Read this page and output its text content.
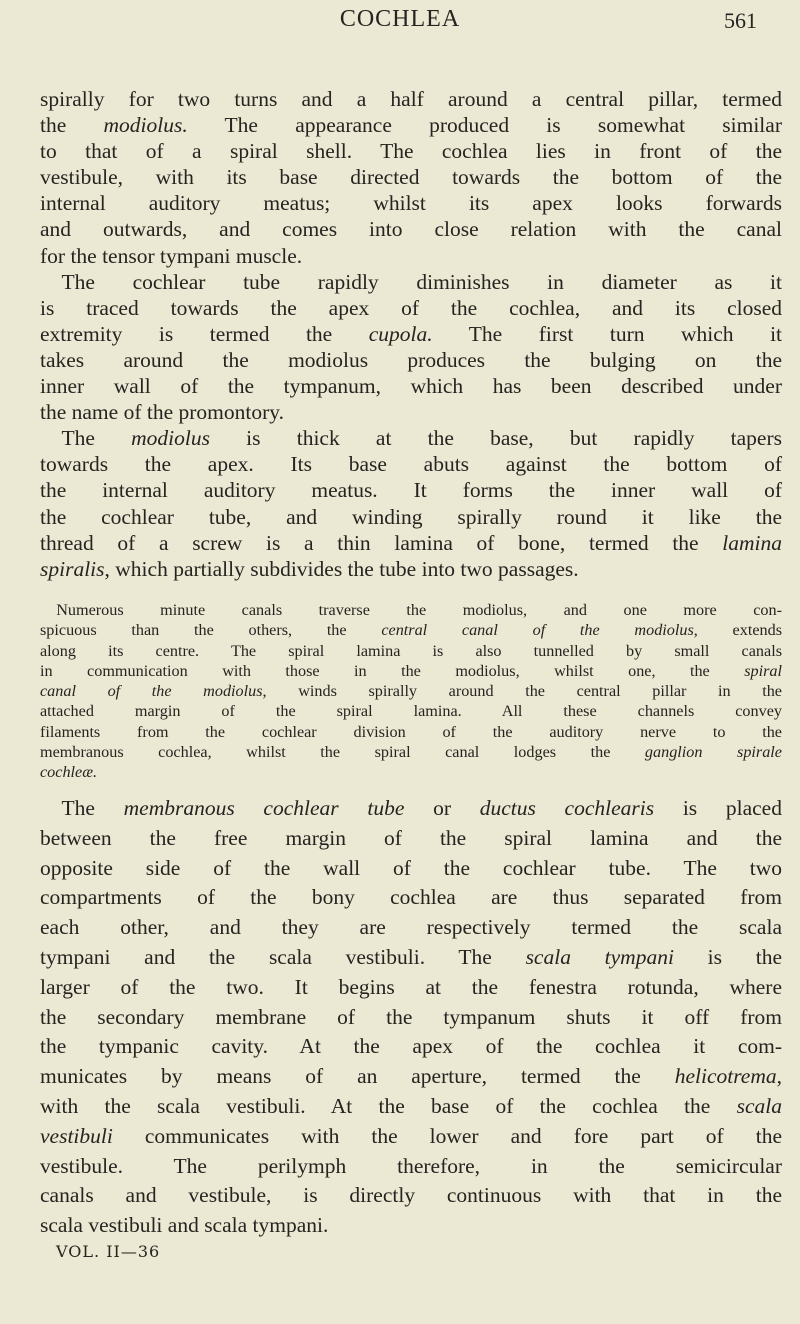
COCHLEA	561
spirally for two turns and a half around a central pillar, termed
the modiolus. The appearance produced is somewhat similar
to that of a spiral shell. The cochlea lies in front of the
vestibule, with its base directed towards the bottom of the
internal auditory meatus; whilst its apex looks forwards
and outwards, and comes into close relation with the canal
for the tensor tympani muscle.
 The cochlear tube rapidly diminishes in diameter as it
is traced towards the apex of the cochlea, and its closed
extremity is termed the cupola. The first turn which it
takes around the modiolus produces the bulging on the
inner wall of the tympanum, which has been described under
the name of the promontory.
 The modiolus is thick at the base, but rapidly tapers
towards the apex. Its base abuts against the bottom of
the internal auditory meatus. It forms the inner wall of
the cochlear tube, and winding spirally round it like the
thread of a screw is a thin lamina of bone, termed the lamina
spiralis, which partially subdivides the tube into two passages.
 Numerous minute canals traverse the modiolus, and one more con-
spicuous than the others, the central canal of the modiolus, extends
along its centre. The spiral lamina is also tunnelled by small canals
in communication with those in the modiolus, whilst one, the spiral
canal of the modiolus, winds spirally around the central pillar in the
attached margin of the spiral lamina. All these channels convey
filaments from the cochlear division of the auditory nerve to the
membranous cochlea, whilst the spiral canal lodges the ganglion spirale
cochleæ.
 The membranous cochlear tube or ductus cochlearis is placed
between the free margin of the spiral lamina and the
opposite side of the wall of the cochlear tube. The two
compartments of the bony cochlea are thus separated from
each other, and they are respectively termed the scala
tympani and the scala vestibuli. The scala tympani is the
larger of the two. It begins at the fenestra rotunda, where
the secondary membrane of the tympanum shuts it off from
the tympanic cavity. At the apex of the cochlea it com-
municates by means of an aperture, termed the helicotrema,
with the scala vestibuli. At the base of the cochlea the scala
vestibuli communicates with the lower and fore part of the
vestibule. The perilymph therefore, in the semicircular
canals and vestibule, is directly continuous with that in the
scala vestibuli and scala tympani.
VOL. II—36
